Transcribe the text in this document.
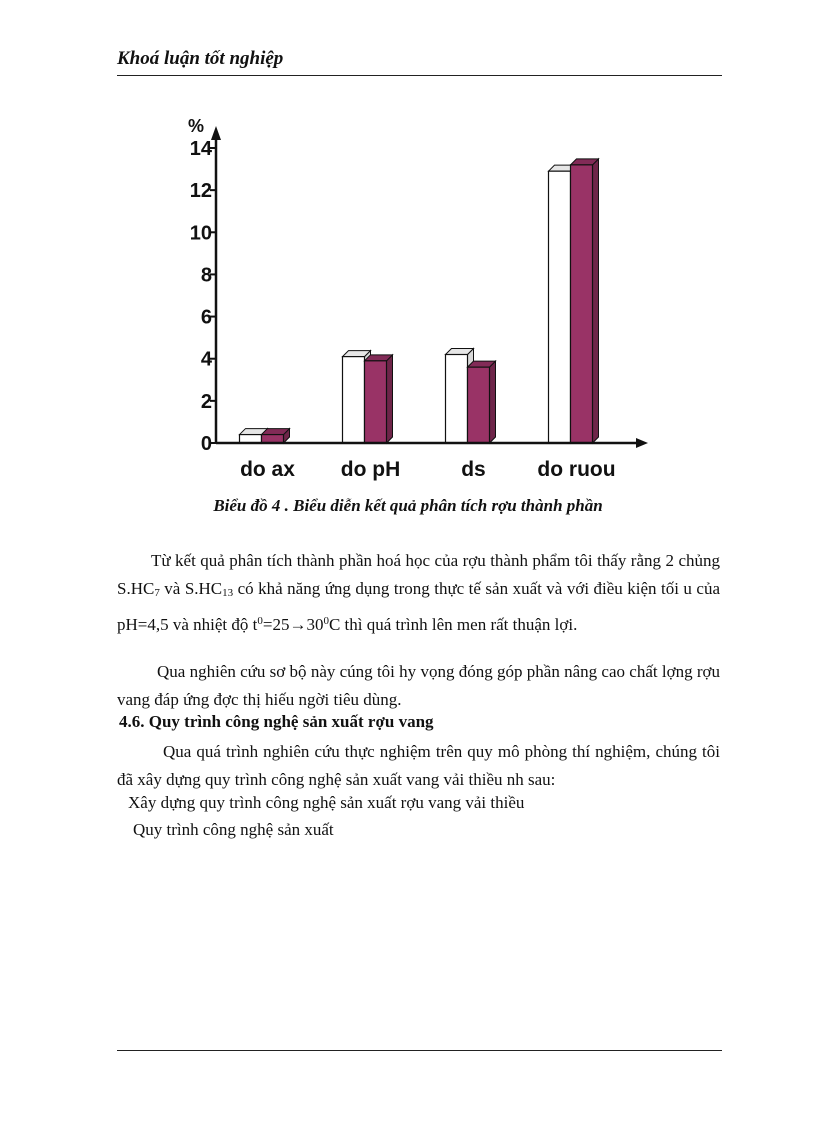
Khoá luận tốt nghiệp
%
0
2
4
6
8
10
12
14
do ax do pH	ds do ruou
Biểu đồ 4 . Biểu diễn kết quả phân tích rợu thành phần

Từ kết quả phân tích thành phần hoá học của rợu thành phẩm tôi thấy rằng 2 chủng $S.HC_7$ và $S.HC_{13}$ có khả năng ứng dụng trong thực tế sản xuất và với điều kiện tối u của pH=4,5 và nhiệt độ $t^0=25\to 30^0C$ thì quá trình lên men rất thuận lợi.

Qua nghiên cứu sơ bộ này cúng tôi hy vọng đóng góp phần nâng cao chất lợng rợu vang đáp ứng đợc thị hiếu ngời tiêu dùng.

4.6. Quy trình công nghệ sản xuất rợu vang

Qua quá trình nghiên cứu thực nghiệm trên quy mô phòng thí nghiệm, chúng tôi đã xây dựng quy trình công nghệ sản xuất vang vải thiều nh sau:

Xây dựng quy trình công nghệ sản xuất rợu vang vải thiều
Quy trình công nghệ sản xuất
